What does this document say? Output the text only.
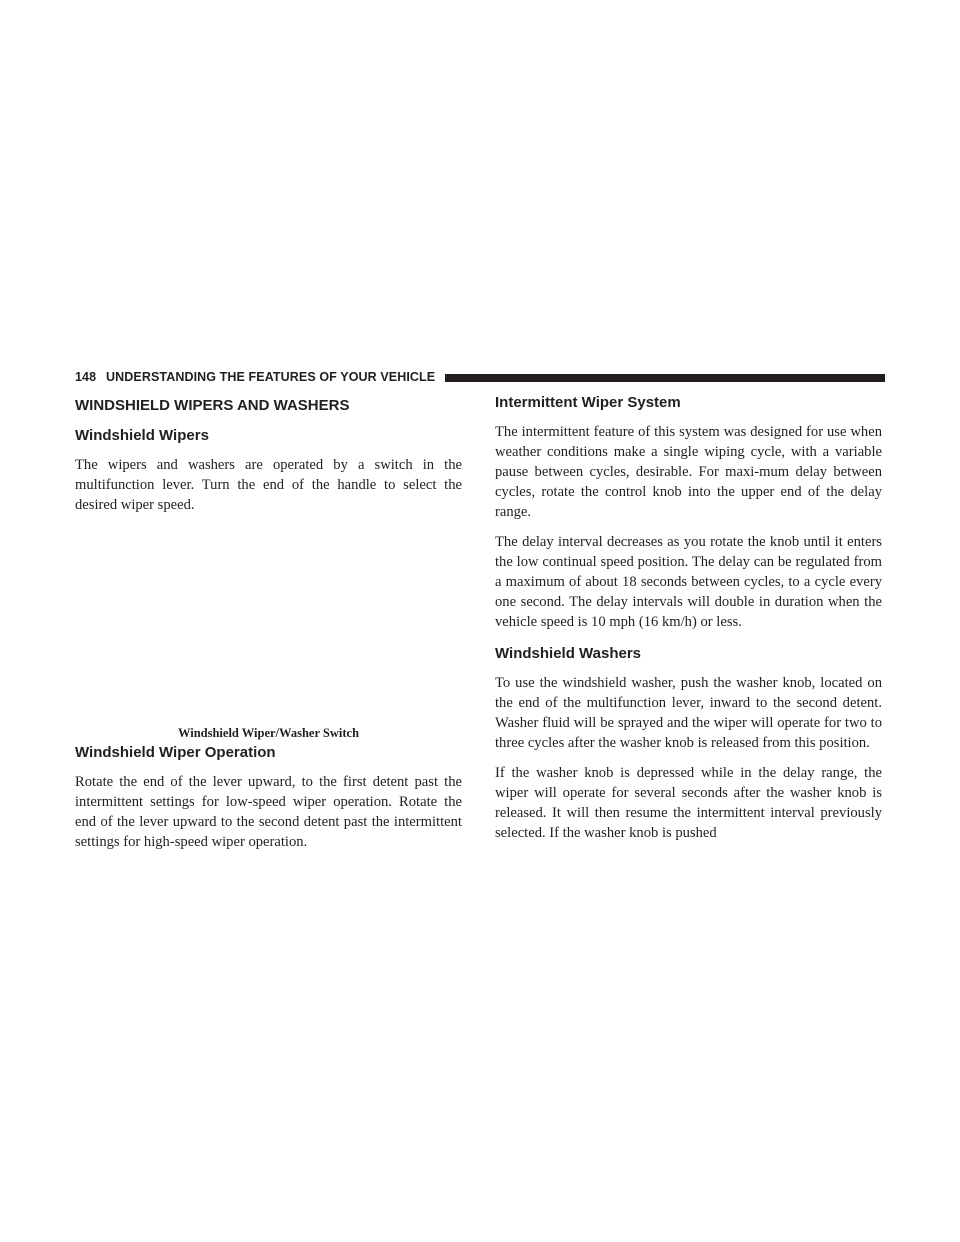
148 UNDERSTANDING THE FEATURES OF YOUR VEHICLE
WINDSHIELD WIPERS AND WASHERS
Windshield Wipers

The wipers and washers are operated by a switch in the multifunction lever. Turn the end of the handle to select the desired wiper speed.

Windshield Wiper/Washer Switch
Windshield Wiper Operation

Rotate the end of the lever upward, to the first detent past the intermittent settings for low-speed wiper operation. Rotate the end of the lever upward to the second detent past the intermittent settings for high-speed wiper operation.

Intermittent Wiper System

The intermittent feature of this system was designed for use when weather conditions make a single wiping cycle, with a variable pause between cycles, desirable. For maxi-mum delay between cycles, rotate the control knob into the upper end of the delay range.

The delay interval decreases as you rotate the knob until it enters the low continual speed position. The delay can be regulated from a maximum of about 18 seconds between cycles, to a cycle every one second. The delay intervals will double in duration when the vehicle speed is 10 mph (16 km/h) or less.

Windshield Washers

To use the windshield washer, push the washer knob, located on the end of the multifunction lever, inward to the second detent. Washer fluid will be sprayed and the wiper will operate for two to three cycles after the washer knob is released from this position.

If the washer knob is depressed while in the delay range, the wiper will operate for several seconds after the washer knob is released. It will then resume the intermittent interval previously selected. If the washer knob is pushed
